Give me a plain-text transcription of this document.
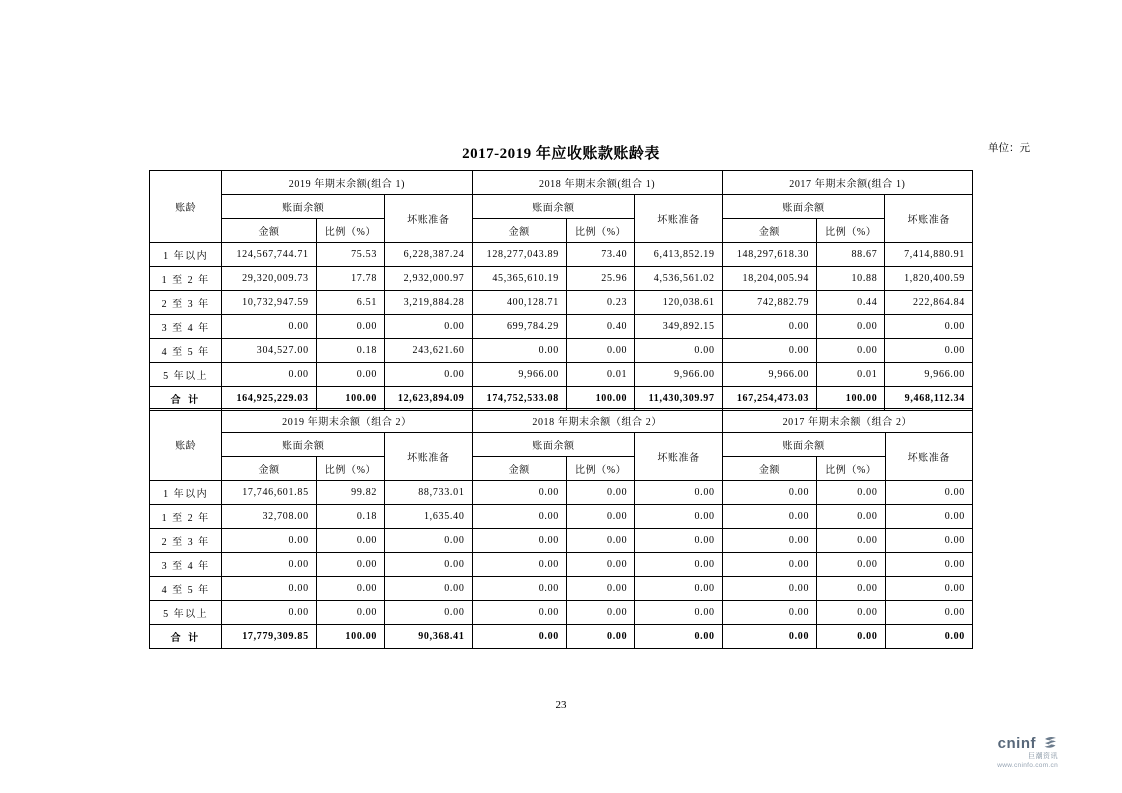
2017-2019 年应收账款账龄表	单位：元
账龄	2019 年期末余额(组合 1)			2018 年期末余额(组合 1)			2017 年期末余额(组合 1)		
	账面余额		坏账准备	账面余额		坏账准备	账面余额		坏账准备
	金额	比例（%）		金额	比例（%）		金额	比例（%）	
1 年以内	124,567,744.71	75.53	6,228,387.24	128,277,043.89	73.40	6,413,852.19	148,297,618.30	88.67	7,414,880.91
1 至 2 年	29,320,009.73	17.78	2,932,000.97	45,365,610.19	25.96	4,536,561.02	18,204,005.94	10.88	1,820,400.59
2 至 3 年	10,732,947.59	6.51	3,219,884.28	400,128.71	0.23	120,038.61	742,882.79	0.44	222,864.84
3 至 4 年	0.00	0.00	0.00	699,784.29	0.40	349,892.15	0.00	0.00	0.00
4 至 5 年	304,527.00	0.18	243,621.60	0.00	0.00	0.00	0.00	0.00	0.00
5 年以上	0.00	0.00	0.00	9,966.00	0.01	9,966.00	9,966.00	0.01	9,966.00
合 计	164,925,229.03	100.00	12,623,894.09	174,752,533.08	100.00	11,430,309.97	167,254,473.03	100.00	9,468,112.34
账龄	2019 年期末余额（组合 2）			2018 年期末余额（组合 2）			2017 年期末余额（组合 2）		
	账面余额		坏账准备	账面余额		坏账准备	账面余额		坏账准备
	金额	比例（%）		金额	比例（%）		金额	比例（%）	
1 年以内	17,746,601.85	99.82	88,733.01	0.00	0.00	0.00	0.00	0.00	0.00
1 至 2 年	32,708.00	0.18	1,635.40	0.00	0.00	0.00	0.00	0.00	0.00
2 至 3 年	0.00	0.00	0.00	0.00	0.00	0.00	0.00	0.00	0.00
3 至 4 年	0.00	0.00	0.00	0.00	0.00	0.00	0.00	0.00	0.00
4 至 5 年	0.00	0.00	0.00	0.00	0.00	0.00	0.00	0.00	0.00
5 年以上	0.00	0.00	0.00	0.00	0.00	0.00	0.00	0.00	0.00
合 计	17,779,309.85	100.00	90,368.41	0.00	0.00	0.00	0.00	0.00	0.00
23
cninf
巨潮资讯
www.cninfo.com.cn
